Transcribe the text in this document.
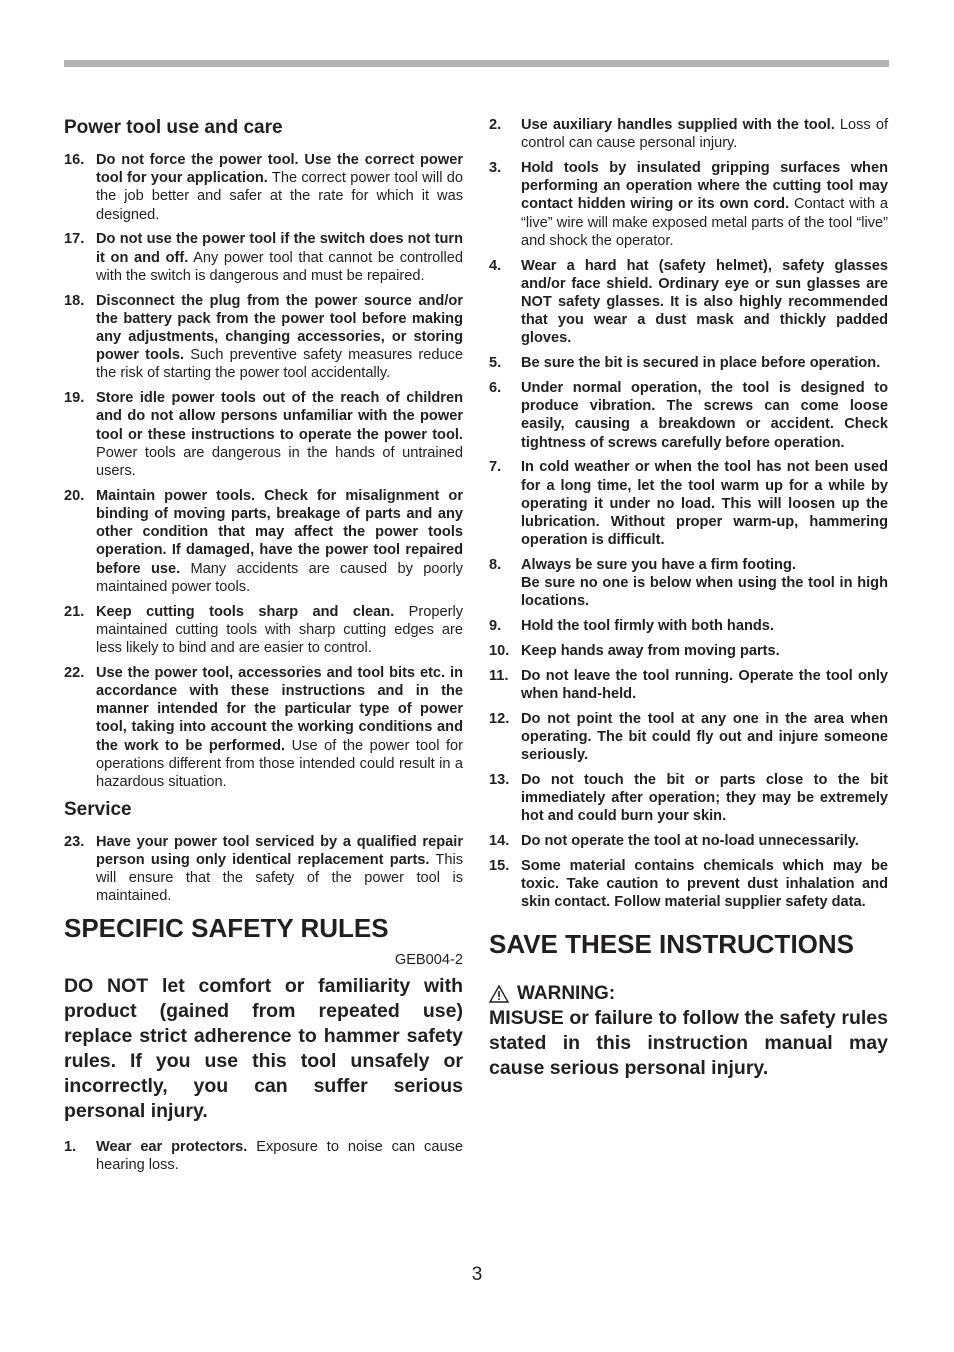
Power tool use and care
16. Do not force the power tool. Use the correct power tool for your application. The correct power tool will do the job better and safer at the rate for which it was designed.
17. Do not use the power tool if the switch does not turn it on and off. Any power tool that cannot be controlled with the switch is dangerous and must be repaired.
18. Disconnect the plug from the power source and/or the battery pack from the power tool before making any adjustments, changing accessories, or storing power tools. Such preventive safety measures reduce the risk of starting the power tool accidentally.
19. Store idle power tools out of the reach of children and do not allow persons unfamiliar with the power tool or these instructions to operate the power tool. Power tools are dangerous in the hands of untrained users.
20. Maintain power tools. Check for misalignment or binding of moving parts, breakage of parts and any other condition that may affect the power tools operation. If damaged, have the power tool repaired before use. Many accidents are caused by poorly maintained power tools.
21. Keep cutting tools sharp and clean. Properly maintained cutting tools with sharp cutting edges are less likely to bind and are easier to control.
22. Use the power tool, accessories and tool bits etc. in accordance with these instructions and in the manner intended for the particular type of power tool, taking into account the working conditions and the work to be performed. Use of the power tool for operations different from those intended could result in a hazardous situation.
Service
23. Have your power tool serviced by a qualified repair person using only identical replacement parts. This will ensure that the safety of the power tool is maintained.
SPECIFIC SAFETY RULES
GEB004-2

DO NOT let comfort or familiarity with product (gained from repeated use) replace strict adherence to hammer safety rules. If you use this tool unsafely or incorrectly, you can suffer serious personal injury.

1. Wear ear protectors. Exposure to noise can cause hearing loss.
2. Use auxiliary handles supplied with the tool. Loss of control can cause personal injury.
3. Hold tools by insulated gripping surfaces when performing an operation where the cutting tool may contact hidden wiring or its own cord. Contact with a “live” wire will make exposed metal parts of the tool “live” and shock the operator.
4. Wear a hard hat (safety helmet), safety glasses and/or face shield. Ordinary eye or sun glasses are NOT safety glasses. It is also highly recommended that you wear a dust mask and thickly padded gloves.
5. Be sure the bit is secured in place before operation.
6. Under normal operation, the tool is designed to produce vibration. The screws can come loose easily, causing a breakdown or accident. Check tightness of screws carefully before operation.
7. In cold weather or when the tool has not been used for a long time, let the tool warm up for a while by operating it under no load. This will loosen up the lubrication. Without proper warm-up, hammering operation is difficult.
8. Always be sure you have a firm footing.
Be sure no one is below when using the tool in high locations.
9. Hold the tool firmly with both hands.
10. Keep hands away from moving parts.
11. Do not leave the tool running. Operate the tool only when hand-held.
12. Do not point the tool at any one in the area when operating. The bit could fly out and injure someone seriously.
13. Do not touch the bit or parts close to the bit immediately after operation; they may be extremely hot and could burn your skin.
14. Do not operate the tool at no-load unnecessarily.
15. Some material contains chemicals which may be toxic. Take caution to prevent dust inhalation and skin contact. Follow material supplier safety data.
SAVE THESE INSTRUCTIONS
WARNING:

MISUSE or failure to follow the safety rules stated in this instruction manual may cause serious personal injury.

3
